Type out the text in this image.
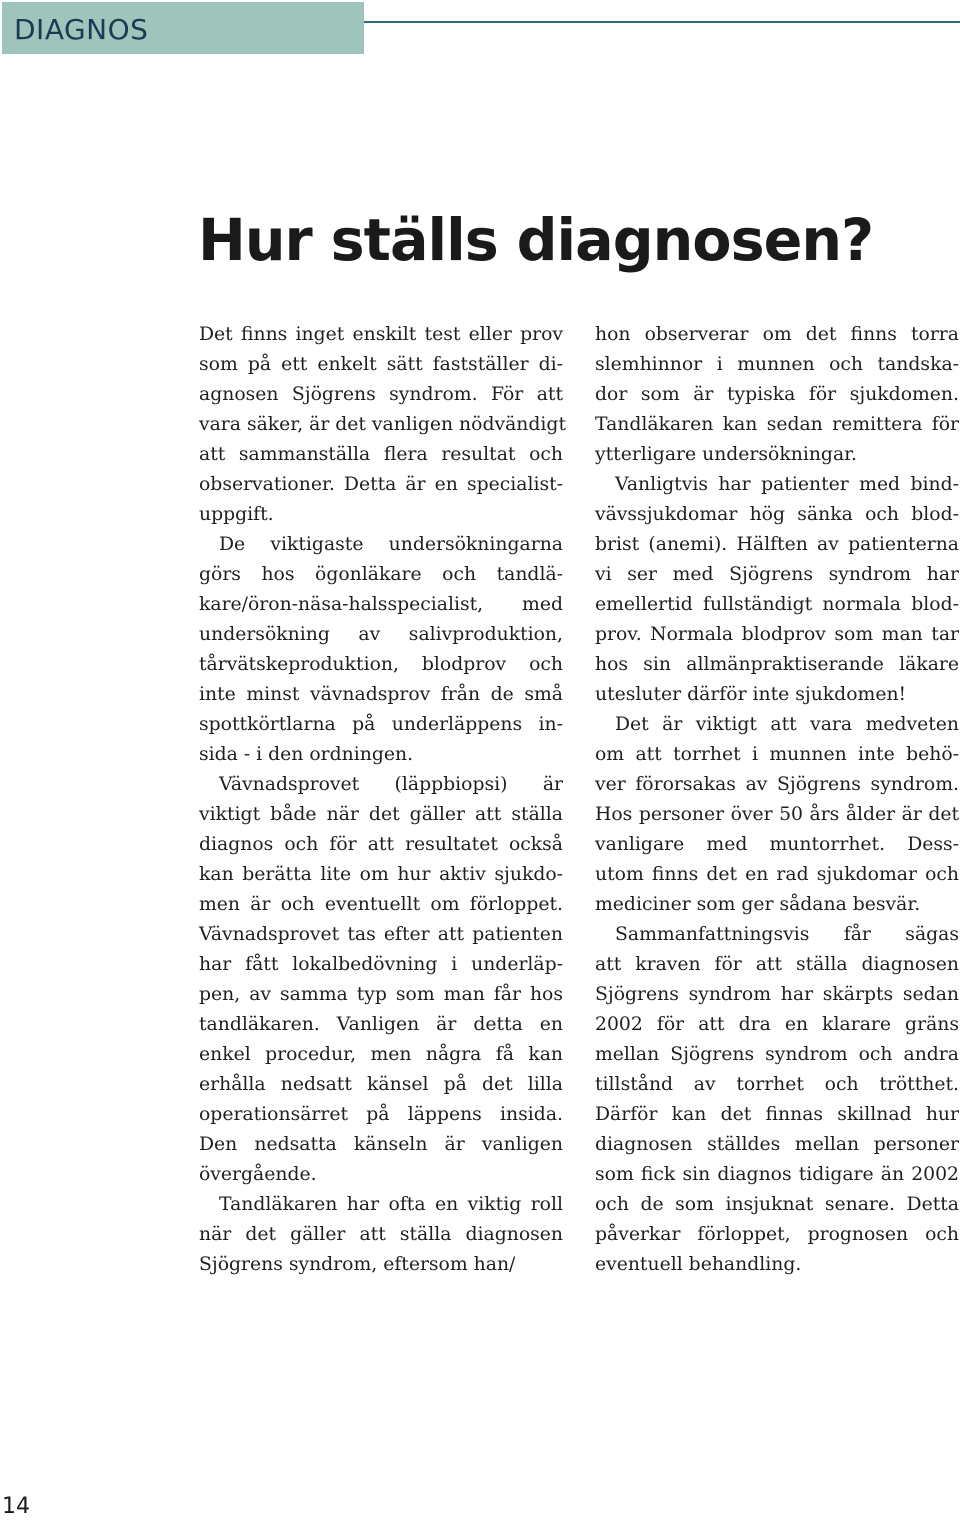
DIAGNOS
Hur ställs diagnosen?

Det finns inget enskilt test eller prov
som på ett enkelt sätt fastställer di-
agnosen Sjögrens syndrom. För att
vara säker, är det vanligen nödvändigt
att sammanställa flera resultat och
observationer. Detta är en specialist-
uppgift.

De viktigaste undersökningarna
görs hos ögonläkare och tandlä-
kare/öron-näsa-halsspecialist, med
undersökning av salivproduktion,
tårvätskeproduktion, blodprov och
inte minst vävnadsprov från de små
spottkörtlarna på underläppens in-
sida - i den ordningen.

Vävnadsprovet (läppbiopsi) är
viktigt både när det gäller att ställa
diagnos och för att resultatet också
kan berätta lite om hur aktiv sjukdo-
men är och eventuellt om förloppet.
Vävnadsprovet tas efter att patienten
har fått lokalbedövning i underläp-
pen, av samma typ som man får hos
tandläkaren. Vanligen är detta en
enkel procedur, men några få kan
erhålla nedsatt känsel på det lilla
operationsärret på läppens insida.
Den nedsatta känseln är vanligen
övergående.

Tandläkaren har ofta en viktig roll
när det gäller att ställa diagnosen
Sjögrens syndrom, eftersom han/

hon observerar om det finns torra
slemhinnor i munnen och tandska-
dor som är typiska för sjukdomen.
Tandläkaren kan sedan remittera för
ytterligare undersökningar.

Vanligtvis har patienter med bind-
vävssjukdomar hög sänka och blod-
brist (anemi). Hälften av patienterna
vi ser med Sjögrens syndrom har
emellertid fullständigt normala blod-
prov. Normala blodprov som man tar
hos sin allmänpraktiserande läkare
utesluter därför inte sjukdomen!

Det är viktigt att vara medveten
om att torrhet i munnen inte behö-
ver förorsakas av Sjögrens syndrom.
Hos personer över 50 års ålder är det
vanligare med muntorrhet. Dess-
utom finns det en rad sjukdomar och
mediciner som ger sådana besvär.

Sammanfattningsvis får sägas
att kraven för att ställa diagnosen
Sjögrens syndrom har skärpts sedan
2002 för att dra en klarare gräns
mellan Sjögrens syndrom och andra
tillstånd av torrhet och trötthet.
Därför kan det finnas skillnad hur
diagnosen ställdes mellan personer
som fick sin diagnos tidigare än 2002
och de som insjuknat senare. Detta
påverkar förloppet, prognosen och
eventuell behandling.

14
